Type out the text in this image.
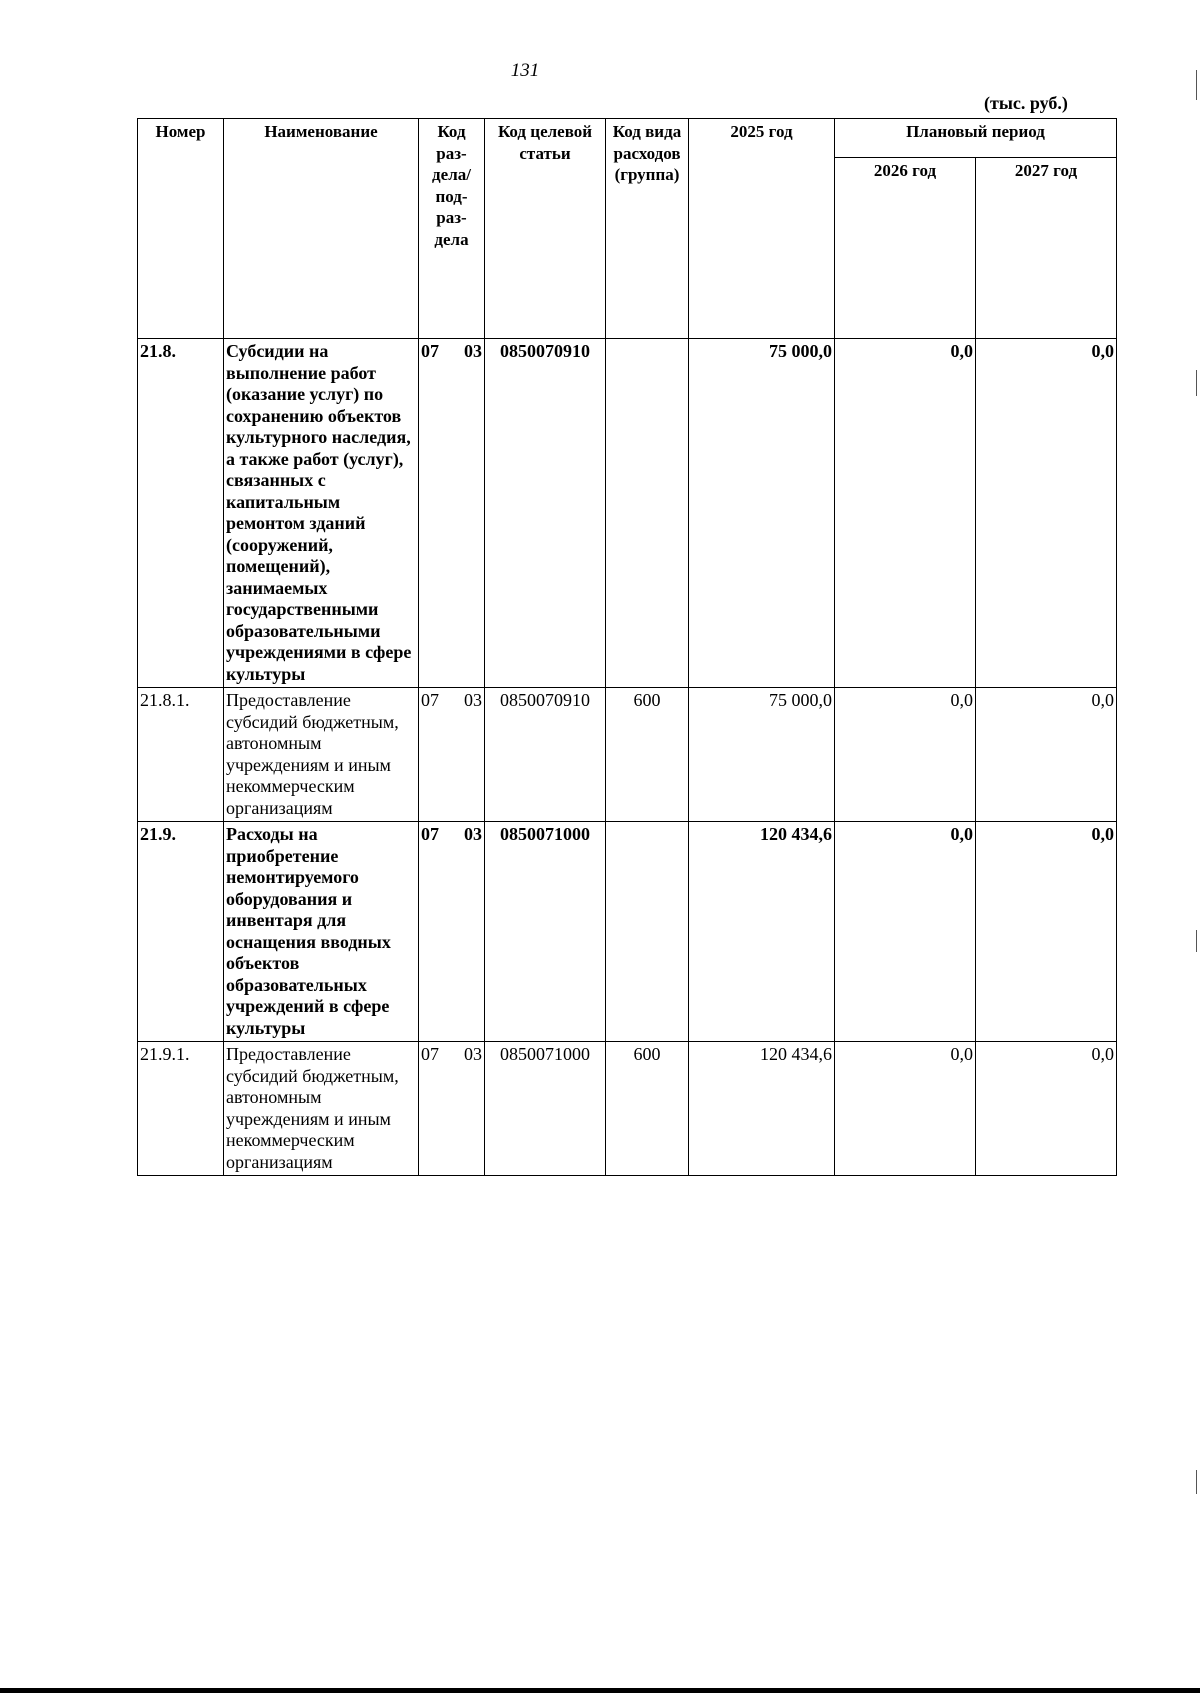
131
(тыс. руб.)
Номер	Наименование	Код раз-дела/ под-раз-дела	Код целевой статьи	Код вида расходов (группа)	2025 год	Плановый период	
						2026 год	2027 год
21.8.	Субсидии на выполнение работ (оказание услуг) по сохранению объектов культурного наследия, а также работ (услуг), связанных с капитальным ремонтом зданий (сооружений, помещений), занимаемых государственными образовательными учреждениями в сфере культуры	07 03	0850070910		75 000,0	0,0	0,0
21.8.1.	Предоставление субсидий бюджетным, автономным учреждениям и иным некоммерческим организациям	07 03	0850070910	600	75 000,0	0,0	0,0
21.9.	Расходы на приобретение немонтируемого оборудования и инвентаря для оснащения вводных объектов образовательных учреждений в сфере культуры	07 03	0850071000		120 434,6	0,0	0,0
21.9.1.	Предоставление субсидий бюджетным, автономным учреждениям и иным некоммерческим организациям	07 03	0850071000	600	120 434,6	0,0	0,0
